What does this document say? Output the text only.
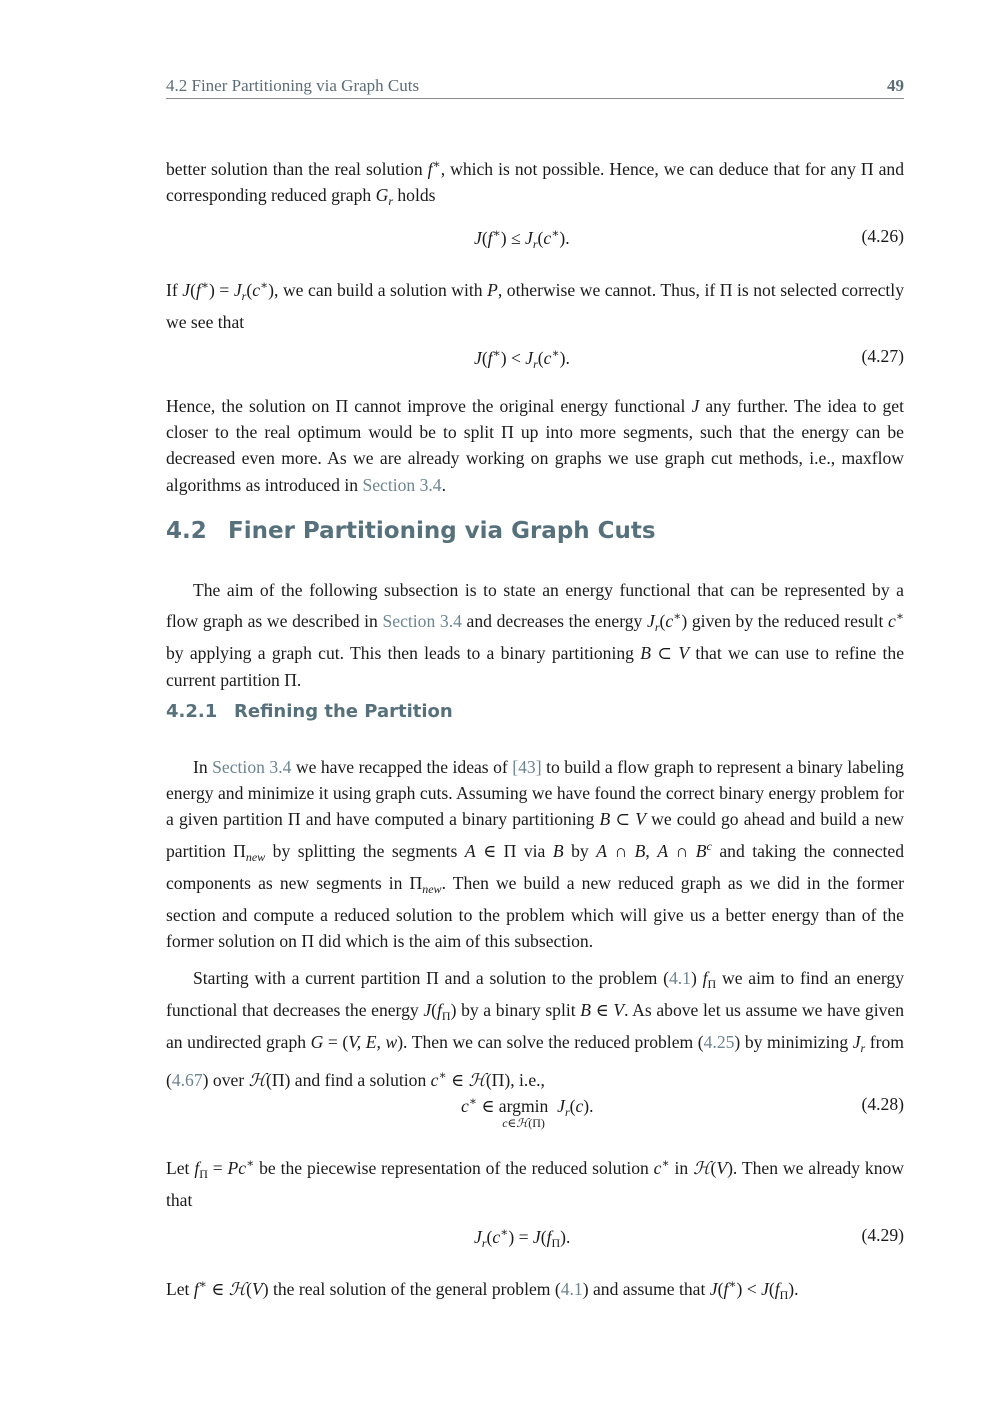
4.2 Finer Partitioning via Graph Cuts	49
better solution than the real solution f∗, which is not possible. Hence, we can deduce that for any Π and corresponding reduced graph $G_r$ holds
$J(f^∗) \le J_r(c^∗)$.	(4.26)
If $J(f^∗) = J_r(c^∗)$, we can build a solution with P, otherwise we cannot. Thus, if Π is not selected correctly we see that
$J(f^∗) < J_r(c^∗)$.	(4.27)
Hence, the solution on Π cannot improve the original energy functional J any further. The idea to get closer to the real optimum would be to split Π up into more segments, such that the energy can be decreased even more. As we are already working on graphs we use graph cut methods, i.e., maxflow algorithms as introduced in Section 3.4.
4.2 Finer Partitioning via Graph Cuts
The aim of the following subsection is to state an energy functional that can be represented by a flow graph as we described in Section 3.4 and decreases the energy $J_r(c^∗)$ given by the reduced result c∗ by applying a graph cut. This then leads to a binary partitioning B ⊂ V that we can use to refine the current partition Π.
4.2.1 Refining the Partition
In Section 3.4 we have recapped the ideas of [43] to build a flow graph to represent a binary labeling energy and minimize it using graph cuts. Assuming we have found the correct binary energy problem for a given partition Π and have computed a binary partitioning B ⊂ V we could go ahead and build a new partition $\Pi_{new}$ by splitting the segments A ∈ Π via B by A ∩ B, A ∩ $B^c$ and taking the connected components as new segments in $\Pi_{new}$. Then we build a new reduced graph as we did in the former section and compute a reduced solution to the problem which will give us a better energy than of the former solution on Π did which is the aim of this subsection.
Starting with a current partition Π and a solution to the problem (4.1) $f_\Pi$ we aim to find an energy functional that decreases the energy $J(f_\Pi)$ by a binary split B ∈ V. As above let us assume we have given an undirected graph G = (V, E, w). Then we can solve the reduced problem (4.25) by minimizing $J_r$ from (4.67) over ℋ(Π) and find a solution c∗ ∈ ℋ(Π), i.e.,
c∗ ∈ argmin
c∈ℋ(Π)
$J_r(c)$.	(4.28)
Let $f_\Pi = Pc^∗$ be the piecewise representation of the reduced solution c∗ in ℋ(V). Then we already know that
$J_r(c^∗) = J(f_\Pi)$.	(4.29)
Let f∗ ∈ ℋ(V) the real solution of the general problem (4.1) and assume that $J(f^∗) < J(f_\Pi)$.
